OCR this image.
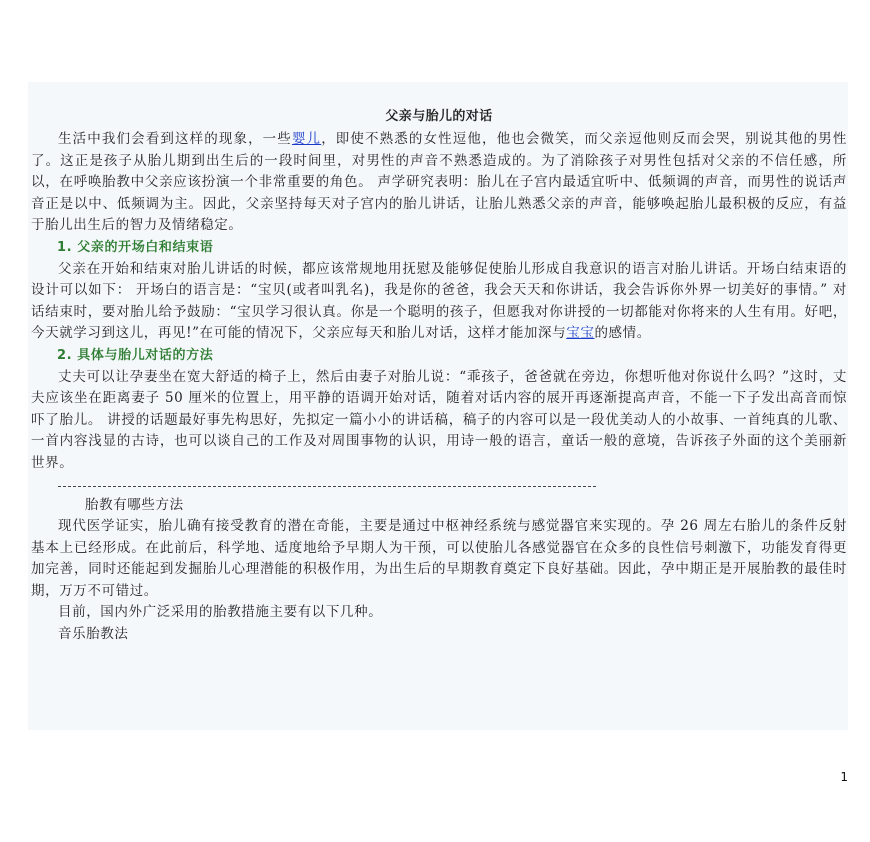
父亲与胎儿的对话

生活中我们会看到这样的现象，一些婴儿，即使不熟悉的女性逗他，他也会微笑，而父亲逗他则反而会哭，别说其他的男性了。这正是孩子从胎儿期到出生后的一段时间里，对男性的声音不熟悉造成的。为了消除孩子对男性包括对父亲的不信任感，所以，在呼唤胎教中父亲应该扮演一个非常重要的角色。 声学研究表明：胎儿在子宫内最适宜听中、低频调的声音，而男性的说话声音正是以中、低频调为主。因此，父亲坚持每天对子宫内的胎儿讲话，让胎儿熟悉父亲的声音，能够唤起胎儿最积极的反应，有益于胎儿出生后的智力及情绪稳定。

1. 父亲的开场白和结束语

父亲在开始和结束对胎儿讲话的时候，都应该常规地用抚慰及能够促使胎儿形成自我意识的语言对胎儿讲话。开场白结束语的设计可以如下： 开场白的语言是：“宝贝(或者叫乳名)，我是你的爸爸，我会天天和你讲话，我会告诉你外界一切美好的事情。” 对话结束时，要对胎儿给予鼓励：“宝贝学习很认真。你是一个聪明的孩子，但愿我对你讲授的一切都能对你将来的人生有用。好吧，今天就学习到这儿，再见!”在可能的情况下，父亲应每天和胎儿对话，这样才能加深与宝宝的感情。

2. 具体与胎儿对话的方法

丈夫可以让孕妻坐在宽大舒适的椅子上，然后由妻子对胎儿说：“乖孩子，爸爸就在旁边，你想听他对你说什么吗？”这时，丈夫应该坐在距离妻子 50 厘米的位置上，用平静的语调开始对话，随着对话内容的展开再逐渐提高声音，不能一下子发出高音而惊吓了胎儿。 讲授的话题最好事先构思好，先拟定一篇小小的讲话稿，稿子的内容可以是一段优美动人的小故事、一首纯真的儿歌、一首内容浅显的古诗，也可以谈自己的工作及对周围事物的认识，用诗一般的语言，童话一般的意境，告诉孩子外面的这个美丽新世界。

胎教有哪些方法

现代医学证实，胎儿确有接受教育的潜在奇能，主要是通过中枢神经系统与感觉器官来实现的。孕 26 周左右胎儿的条件反射基本上已经形成。在此前后，科学地、适度地给予早期人为干预，可以使胎儿各感觉器官在众多的良性信号刺激下，功能发育得更加完善，同时还能起到发掘胎儿心理潜能的积极作用，为出生后的早期教育奠定下良好基础。因此，孕中期正是开展胎教的最佳时期，万万不可错过。

目前，国内外广泛采用的胎教措施主要有以下几种。

音乐胎教法

1
